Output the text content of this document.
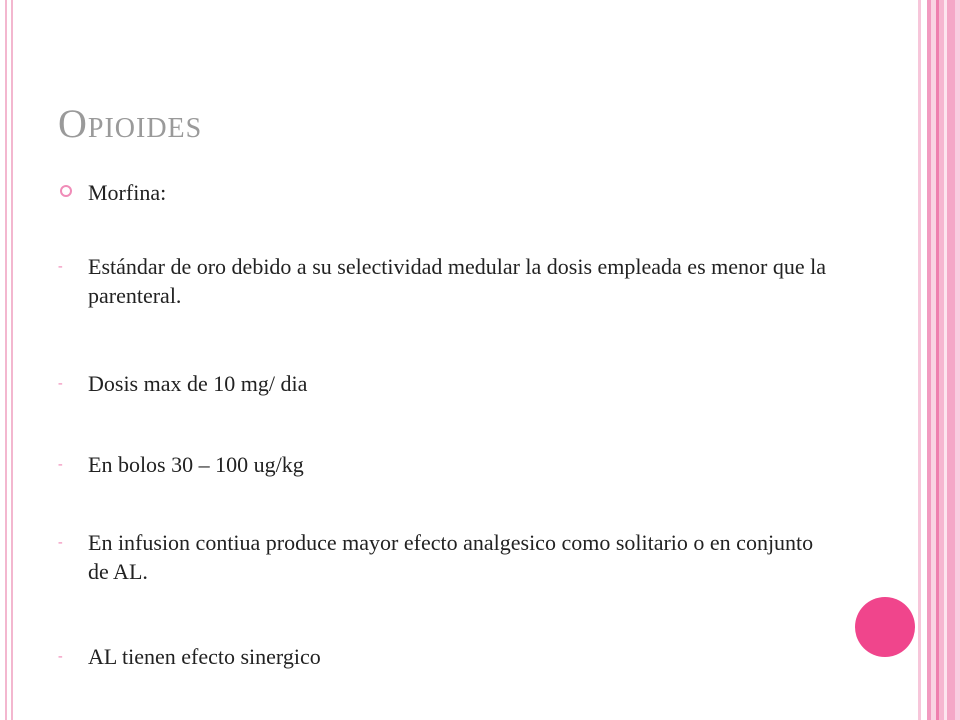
Opioides
Morfina:
- Estándar de oro debido a su selectividad medular la dosis empleada es menor que la parenteral.
- Dosis max de 10 mg/ dia
- En bolos 30 – 100 ug/kg
- En infusion contiua produce mayor efecto analgesico como solitario o en conjunto de AL.
- AL tienen efecto sinergico
